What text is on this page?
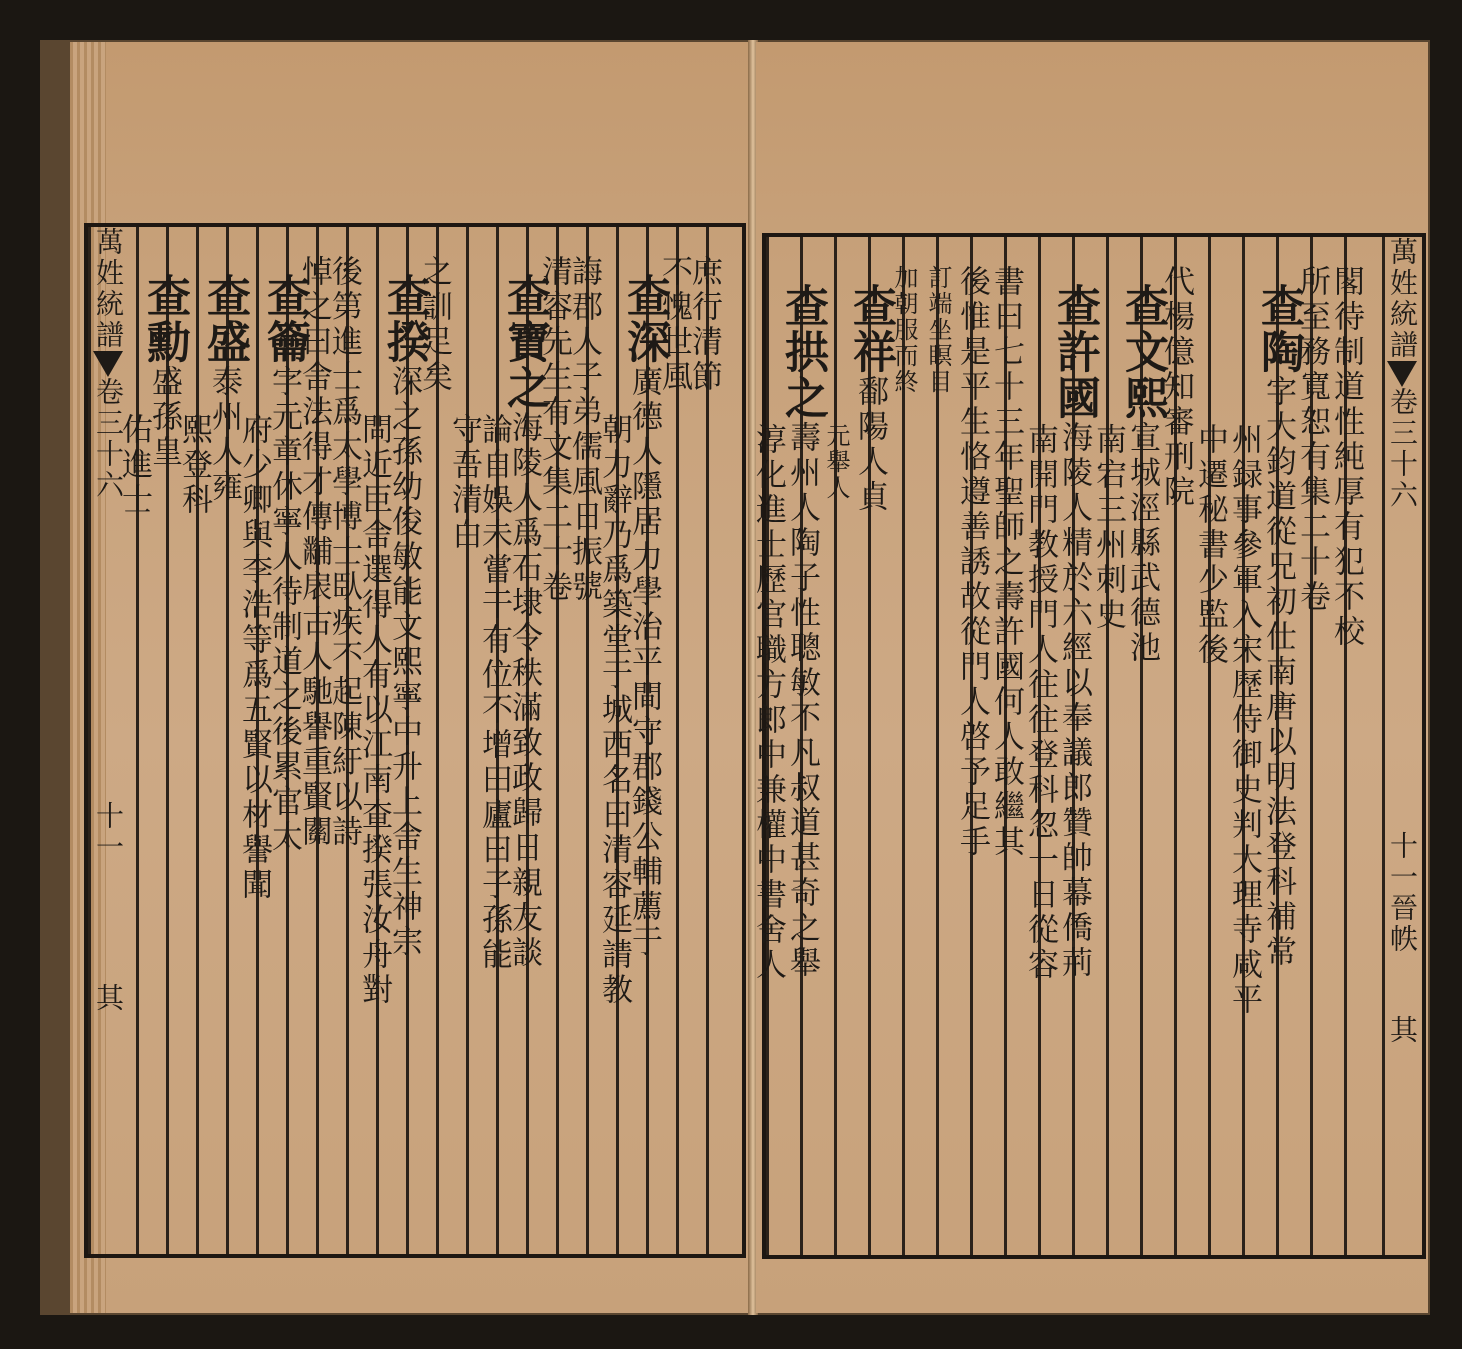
萬姓統譜卷三十六十一其
庶行清節
不愧世風
查深廣德人隱居力學治平間守郡錢公輔薦于
朝力辭乃爲築堂于城西名曰清容延請教
誨郡人子弟儒風日振號
清容先生有文集二十卷
查寶之海陵人爲石埭令秩滿致政歸日親友談
論自娛未嘗干有位不增田廬曰子孫能
守吾清白
之訓足矣
查揆深之孫幼俊敏能文熙寧中升上舍生神宗
問近臣舍選得人有以江南查揆張汝舟對
後第進士爲太學博士臥疾不起陳紆以詩
悼之曰舍法得才傳黼扆古人馳譽重賢關
查籥字元章休寧人待制道之後累官太
府少卿與李浩等爲五賢以材譽聞
查盛泰州人雍
熙登科
查勳盛孫皇
佑進士
萬姓統譜卷三十六十一晉帙其
閣待制道性純厚有犯不校
所至務寬恕有集二十卷
查陶字大鈞道從兄初仕南唐以明法登科補常
州録事參軍入宋歷侍御史判大理寺咸平
中遷秘書少監後
代楊億知審刑院
查文熙宣城涇縣武德池
南宕三州刺史
查許國海陵人精於六經以奉議郎贊帥幕僑荊
南開門教授門人往往登科忽一日從容
書曰七十三年聖師之壽許國何人敢繼其
後惟是平生恪遵善誘故從門人啓予足手
訂端坐瞑目
加朝服而終
查祥鄱陽人貞
元舉人
查拱之壽州人陶子性聰敏不凡叔道甚奇之舉
淳化進士歷官職方郎中兼權中書舍人
